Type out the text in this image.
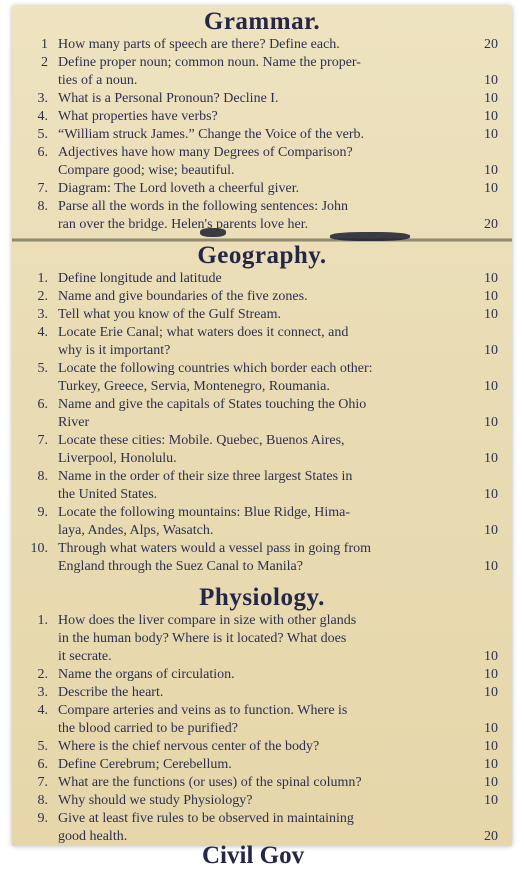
Grammar.
1 How many parts of speech are there? Define each.	20
2 Define proper noun; common noun. Name the proper-
ties of a noun.	10
3. What is a Personal Pronoun? Decline I.	10
4. What properties have verbs?	10
5. “William struck James.” Change the Voice of the verb.	10
6. Adjectives have how many Degrees of Comparison?
Compare good; wise; beautiful.	10
7. Diagram: The Lord loveth a cheerful giver.	10
8. Parse all the words in the following sentences: John
ran over the bridge. Helen's parents love her.	20
Geography.
1. Define longitude and latitude	10
2. Name and give boundaries of the five zones.	10
3. Tell what you know of the Gulf Stream.	10
4. Locate Erie Canal; what waters does it connect, and
why is it important?	10
5. Locate the following countries which border each other:
Turkey, Greece, Servia, Montenegro, Roumania.	10
6. Name and give the capitals of States touching the Ohio
River	10
7. Locate these cities: Mobile. Quebec, Buenos Aires,
Liverpool, Honolulu.	10
8. Name in the order of their size three largest States in
the United States.	10
9. Locate the following mountains: Blue Ridge, Hima-
laya, Andes, Alps, Wasatch.	10
10. Through what waters would a vessel pass in going from
England through the Suez Canal to Manila?	10
Physiology.
1. How does the liver compare in size with other glands
in the human body? Where is it located? What does
it secrate.	10
2. Name the organs of circulation.	10
3. Describe the heart.	10
4. Compare arteries and veins as to function. Where is
the blood carried to be purified?	10
5. Where is the chief nervous center of the body?	10
6. Define Cerebrum; Cerebellum.	10
7. What are the functions (or uses) of the spinal column?	10
8. Why should we study Physiology?	10
9. Give at least five rules to be observed in maintaining
good health.	20
Civil Gov
